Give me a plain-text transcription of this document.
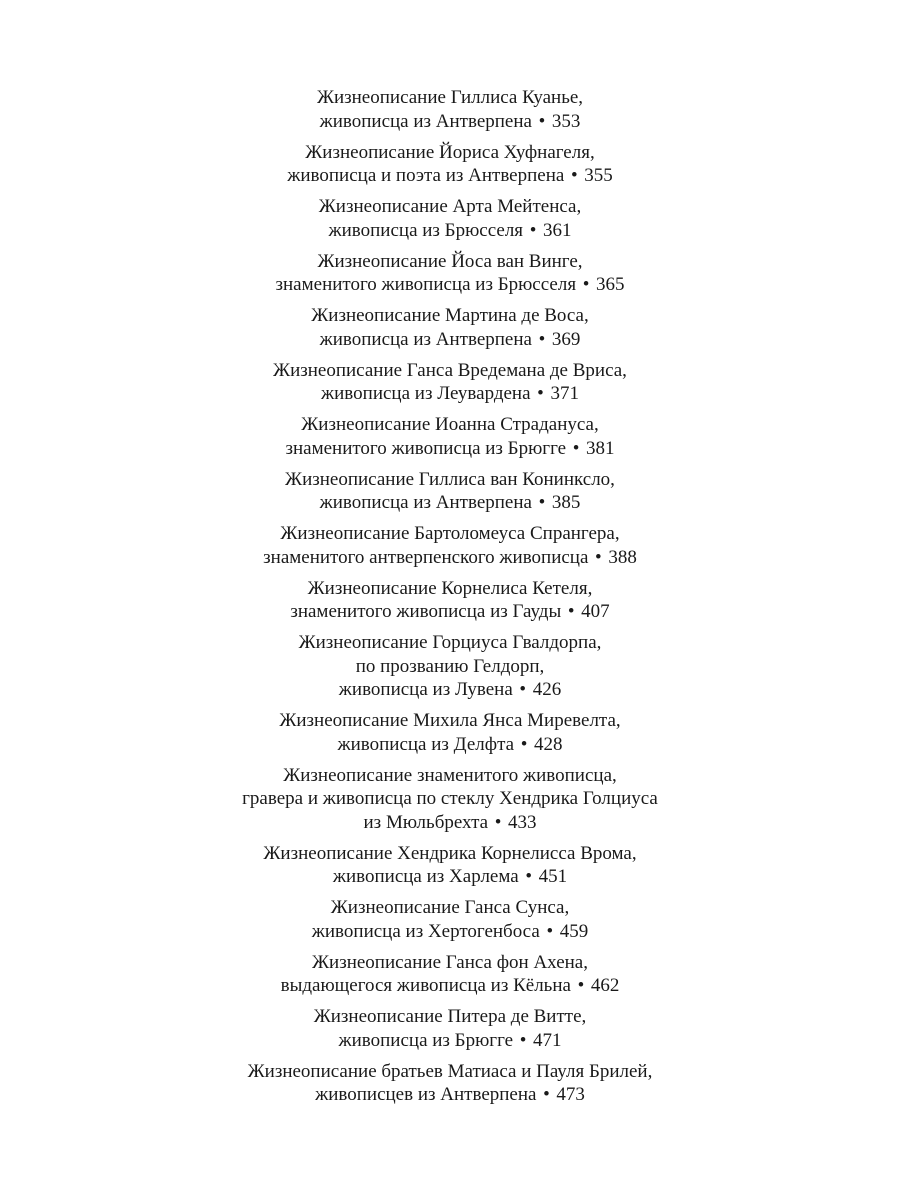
Жизнеописание Гиллиса Куанье,
живописца из Антверпена • 353
Жизнеописание Йориса Хуфнагеля,
живописца и поэта из Антверпена • 355
Жизнеописание Арта Мейтенса,
живописца из Брюсселя • 361
Жизнеописание Йоса ван Винге,
знаменитого живописца из Брюсселя • 365
Жизнеописание Мартина де Воса,
живописца из Антверпена • 369
Жизнеописание Ганса Вредемана де Вриса,
живописца из Леувардена • 371
Жизнеописание Иоанна Страдануса,
знаменитого живописца из Брюгге • 381
Жизнеописание Гиллиса ван Конинксло,
живописца из Антверпена • 385
Жизнеописание Бартоломеуса Спрангера,
знаменитого антверпенского живописца • 388
Жизнеописание Корнелиса Кетеля,
знаменитого живописца из Гауды • 407
Жизнеописание Горциуса Гвалдорпа,
по прозванию Гелдорп,
живописца из Лувена • 426
Жизнеописание Михила Янса Миревелта,
живописца из Делфта • 428
Жизнеописание знаменитого живописца,
гравера и живописца по стеклу Хендрика Голциуса
из Мюльбрехта • 433
Жизнеописание Хендрика Корнелисса Врома,
живописца из Харлема • 451
Жизнеописание Ганса Сунса,
живописца из Хертогенбоса • 459
Жизнеописание Ганса фон Ахена,
выдающегося живописца из Кёльна • 462
Жизнеописание Питера де Витте,
живописца из Брюгге • 471
Жизнеописание братьев Матиаса и Пауля Брилей,
живописцев из Антверпена • 473
